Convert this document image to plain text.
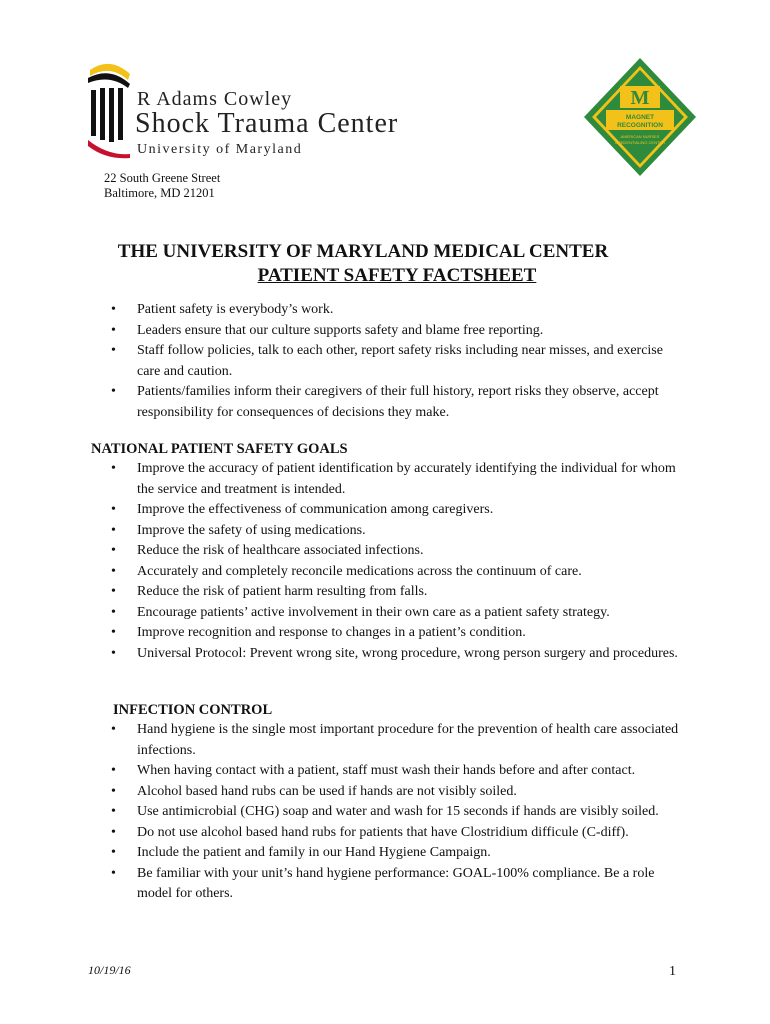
R Adams Cowley
Shock Trauma Center
University of Maryland
M
MAGNET
RECOGNITION
AMERICAN NURSES
CREDENTIALING CENTER
22 South Greene Street
Baltimore, MD 21201
THE UNIVERSITY OF MARYLAND MEDICAL CENTER
PATIENT SAFETY FACTSHEET
• Patient safety is everybody’s work.
• Leaders ensure that our culture supports safety and blame free reporting.
• Staff follow policies, talk to each other, report safety risks including near misses, and exercise care and caution.
• Patients/families inform their caregivers of their full history, report risks they observe, accept responsibility for consequences of decisions they make.
NATIONAL PATIENT SAFETY GOALS
• Improve the accuracy of patient identification by accurately identifying the individual for whom the service and treatment is intended.
• Improve the effectiveness of communication among caregivers.
• Improve the safety of using medications.
• Reduce the risk of healthcare associated infections.
• Accurately and completely reconcile medications across the continuum of care.
• Reduce the risk of patient harm resulting from falls.
• Encourage patients’ active involvement in their own care as a patient safety strategy.
• Improve recognition and response to changes in a patient’s condition.
• Universal Protocol: Prevent wrong site, wrong procedure, wrong person surgery and procedures.
INFECTION CONTROL
• Hand hygiene is the single most important procedure for the prevention of health care associated infections.
• When having contact with a patient, staff must wash their hands before and after contact.
• Alcohol based hand rubs can be used if hands are not visibly soiled.
• Use antimicrobial (CHG) soap and water and wash for 15 seconds if hands are visibly soiled.
• Do not use alcohol based hand rubs for patients that have Clostridium difficule (C-diff).
• Include the patient and family in our Hand Hygiene Campaign.
• Be familiar with your unit’s hand hygiene performance: GOAL-100% compliance. Be a role model for others.
10/19/16	1
